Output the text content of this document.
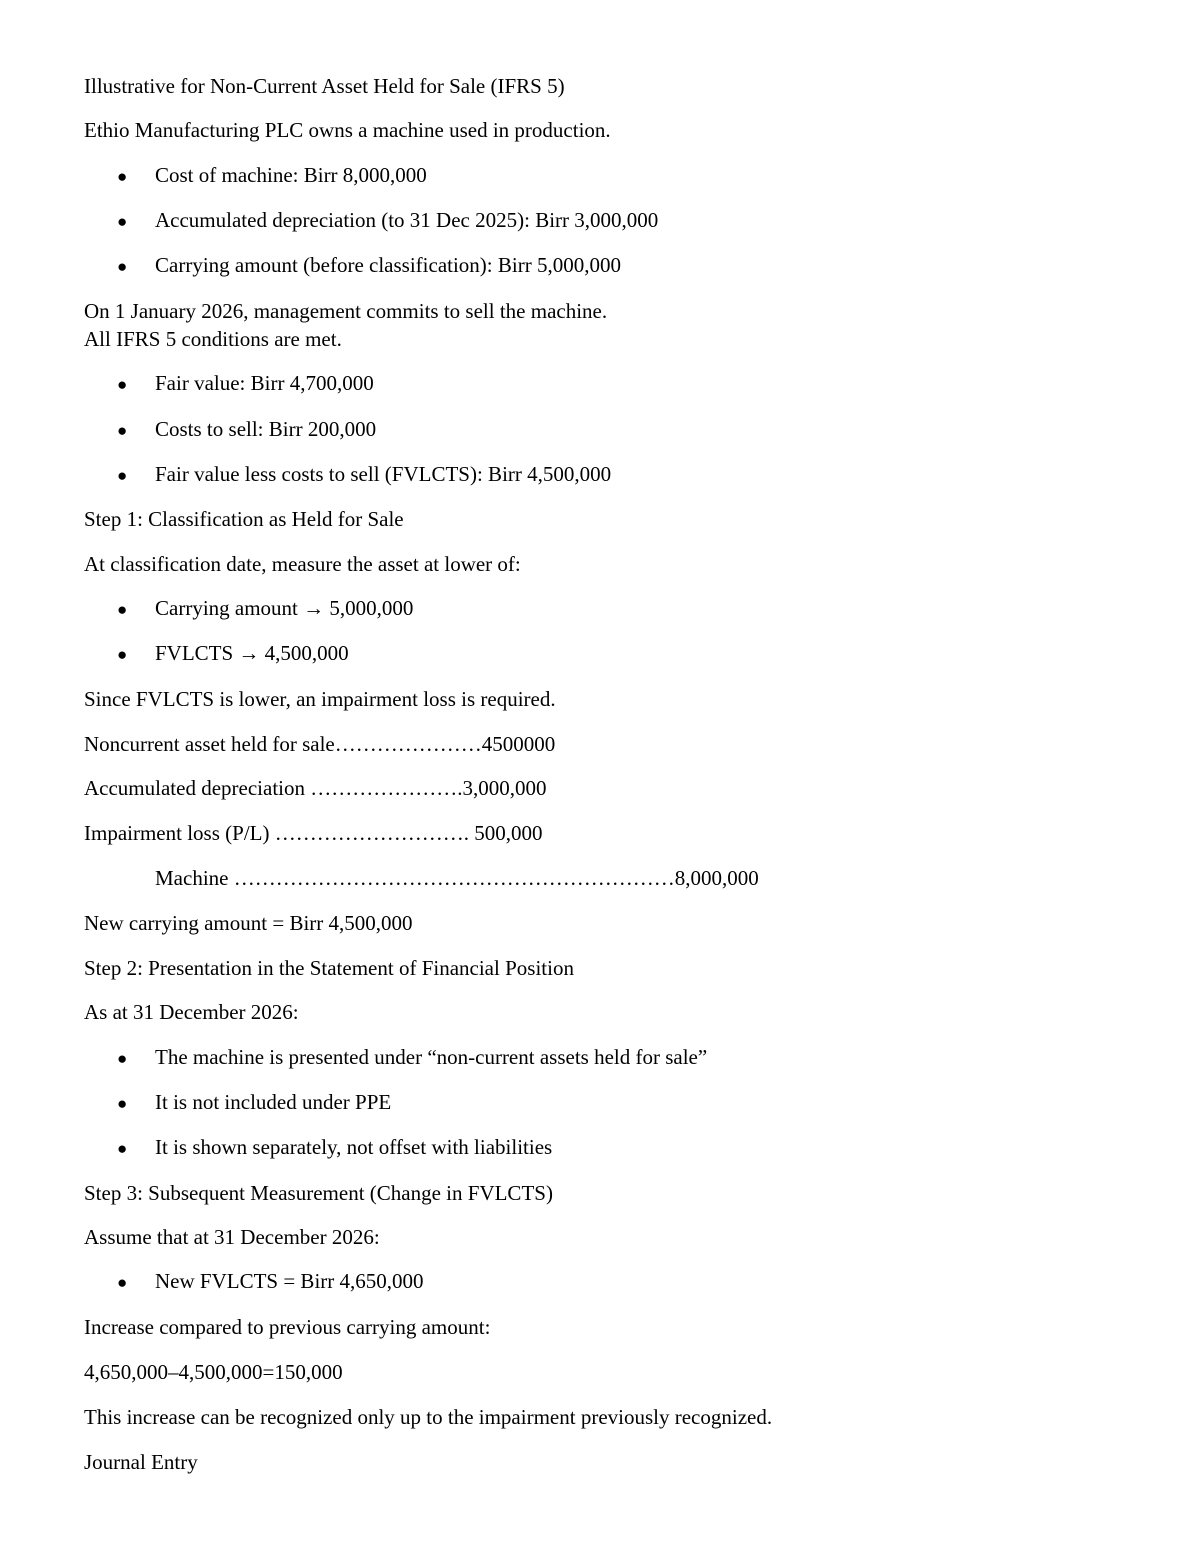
Illustrative for Non-Current Asset Held for Sale (IFRS 5)
Ethio Manufacturing PLC owns a machine used in production.
● Cost of machine: Birr 8,000,000
● Accumulated depreciation (to 31 Dec 2025): Birr 3,000,000
● Carrying amount (before classification): Birr 5,000,000
On 1 January 2026, management commits to sell the machine.
All IFRS 5 conditions are met.
● Fair value: Birr 4,700,000
● Costs to sell: Birr 200,000
● Fair value less costs to sell (FVLCTS): Birr 4,500,000
Step 1: Classification as Held for Sale
At classification date, measure the asset at lower of:
● Carrying amount → 5,000,000
● FVLCTS → 4,500,000
Since FVLCTS is lower, an impairment loss is required.
Noncurrent asset held for sale…………………4500000
Accumulated depreciation ………………….3,000,000
Impairment loss (P/L) ………………………. 500,000
Machine ………………………………………………………8,000,000
New carrying amount = Birr 4,500,000
Step 2: Presentation in the Statement of Financial Position
As at 31 December 2026:
● The machine is presented under “non-current assets held for sale”
● It is not included under PPE
● It is shown separately, not offset with liabilities
Step 3: Subsequent Measurement (Change in FVLCTS)
Assume that at 31 December 2026:
● New FVLCTS = Birr 4,650,000
Increase compared to previous carrying amount:
4,650,000–4,500,000=150,000
This increase can be recognized only up to the impairment previously recognized.
Journal Entry
